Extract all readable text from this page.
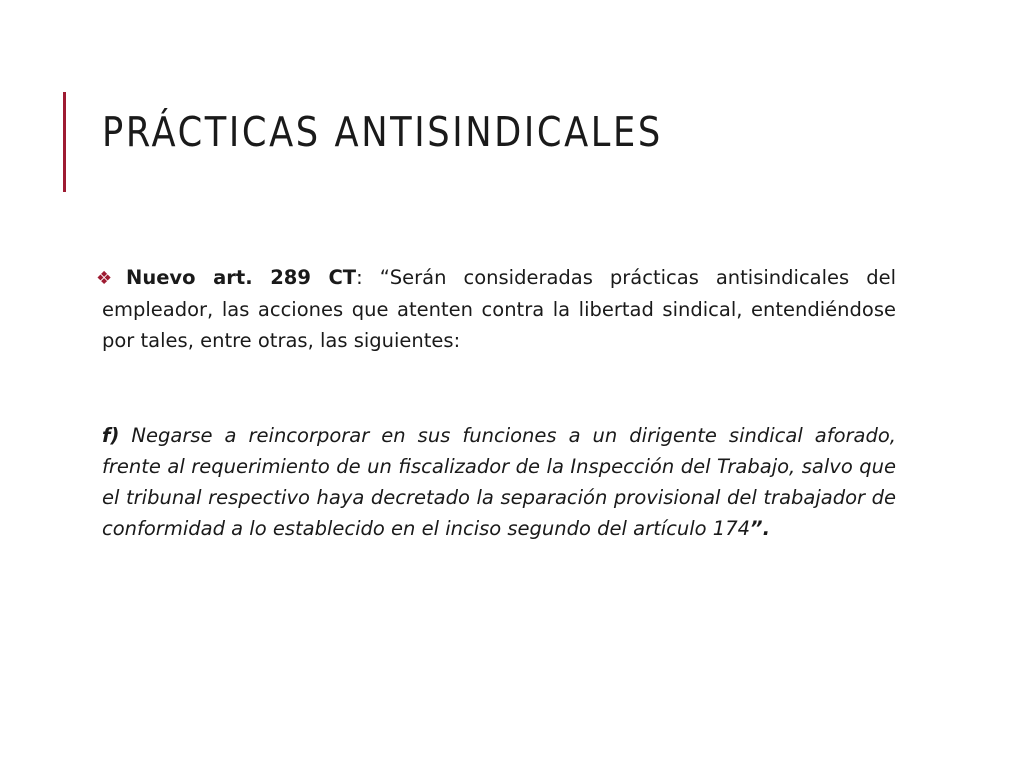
PRÁCTICAS ANTISINDICALES

❖ Nuevo art. 289 CT: “Serán consideradas prácticas antisindicales del empleador, las acciones que atenten contra la libertad sindical, entendiéndose por tales, entre otras, las siguientes:

f) Negarse a reincorporar en sus funciones a un dirigente sindical aforado, frente al requerimiento de un fiscalizador de la Inspección del Trabajo, salvo que el tribunal respectivo haya decretado la separación provisional del trabajador de conformidad a lo establecido en el inciso segundo del artículo 174”.
